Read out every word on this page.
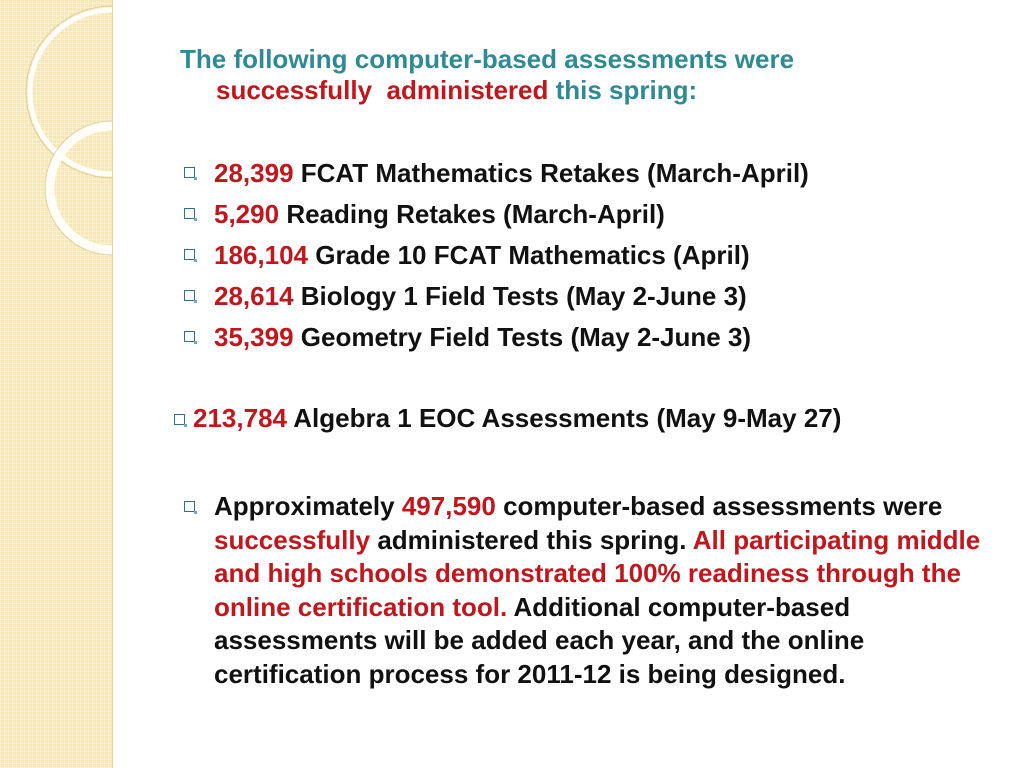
The following computer-based assessments were
successfully administered this spring:
28,399 FCAT Mathematics Retakes (March-April)
5,290 Reading Retakes (March-April)
186,104 Grade 10 FCAT Mathematics (April)
28,614 Biology 1 Field Tests (May 2-June 3)
35,399 Geometry Field Tests (May 2-June 3)
213,784 Algebra 1 EOC Assessments (May 9-May 27)
Approximately 497,590 computer-based assessments were successfully administered this spring. All participating middle and high schools demonstrated 100% readiness through the online certification tool. Additional computer-based assessments will be added each year, and the online certification process for 2011-12 is being designed.
